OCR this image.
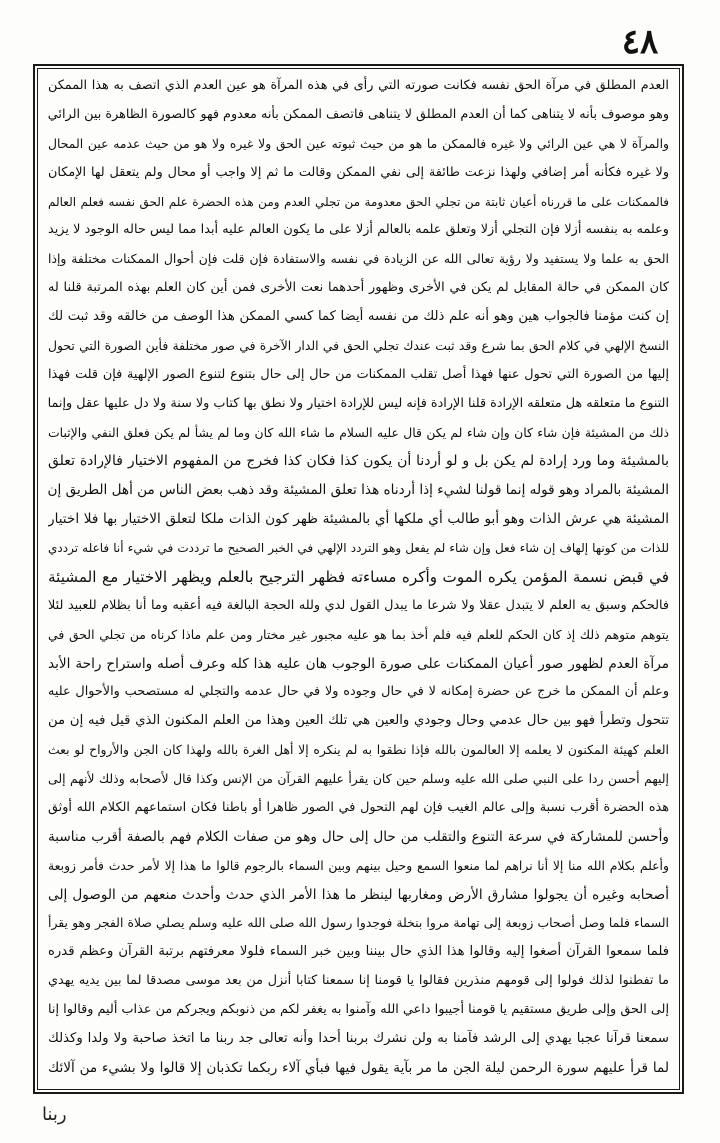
٤٨
العدم المطلق في مرآة الحق نفسه فكانت صورته التي رأى في هذه المرآة هو عين العدم الذي اتصف به هذا الممكن
وهو موصوف بأنه لا يتناهى كما أن العدم المطلق لا يتناهى فاتصف الممكن بأنه معدوم فهو كالصورة الظاهرة بين الرائي
والمرآة لا هي عين الرائي ولا غيره فالممكن ما هو من حيث ثبوته عين الحق ولا غيره ولا هو من حيث عدمه عين المحال
ولا غيره فكأنه أمر إضافي ولهذا نزعت طائفة إلى نفي الممكن وقالت ما ثم إلا واجب أو محال ولم يتعقل لها الإمكان
فالممكنات على ما قررناه أعيان ثابتة من تجلي الحق معدومة من تجلي العدم ومن هذه الحضرة علم الحق نفسه فعلم العالم
وعلمه به بنفسه أزلا فإن التجلي أزلا وتعلق علمه بالعالم أزلا على ما يكون العالم عليه أبدا مما ليس حاله الوجود لا يزيد
الحق به علما ولا يستفيد ولا رؤية تعالى الله عن الزيادة في نفسه والاستفادة فإن قلت فإن أحوال الممكنات مختلفة وإذا
كان الممكن في حالة المقابل لم يكن في الأخرى وظهور أحدهما نعت الأخرى فمن أين كان العلم بهذه المرتبة قلنا له
إن كنت مؤمنا فالجواب هين وهو أنه علم ذلك من نفسه أيضا كما كسي الممكن هذا الوصف من خالقه وقد ثبت لك
النسخ الإلهي في كلام الحق بما شرع وقد ثبت عندك تجلي الحق في الدار الآخرة في صور مختلفة فأين الصورة التي تحول
إليها من الصورة التي تحول عنها فهذا أصل تقلب الممكنات من حال إلى حال بتنوع لتنوع الصور الإلهية فإن قلت فهذا
التنوع ما متعلقه هل متعلقه الإرادة قلنا الإرادة فإنه ليس للإرادة اختيار ولا نطق بها كتاب ولا سنة ولا دل عليها عقل وإنما
ذلك من المشيئة فإن شاء كان وإن شاء لم يكن قال عليه السلام ما شاء الله كان وما لم يشأ لم يكن فعلق النفي والإثبات
بالمشيئة وما ورد إرادة لم يكن بل و لو أردنا أن يكون كذا فكان كذا فخرج من المفهوم الاختيار فالإرادة تعلق
المشيئة بالمراد وهو قوله إنما قولنا لشيء إذا أردناه هذا تعلق المشيئة وقد ذهب بعض الناس من أهل الطريق إن
المشيئة هي عرش الذات وهو أبو طالب أي ملكها أي بالمشيئة ظهر كون الذات ملكا لتعلق الاختيار بها فلا اختيار
للذات من كونها إلهاف إن شاء فعل وإن شاء لم يفعل وهو التردد الإلهي في الخبر الصحيح ما ترددت في شيء أنا فاعله ترددي
في قبض نسمة المؤمن يكره الموت وأكره مساءته فظهر الترجيح بالعلم ويظهر الاختيار مع المشيئة
فالحكم وسبق به العلم لا يتبدل عقلا ولا شرعا ما يبدل القول لدي ولله الحجة البالغة فيه أعقبه وما أنا بظلام للعبيد لئلا
يتوهم متوهم ذلك إذ كان الحكم للعلم فيه فلم أخذ بما هو عليه مجبور غير مختار ومن علم ماذا كرناه من تجلي الحق في
مرآة العدم لظهور صور أعيان الممكنات على صورة الوجوب هان عليه هذا كله وعرف أصله واستراح راحة الأبد
وعلم أن الممكن ما خرج عن حضرة إمكانه لا في حال وجوده ولا في حال عدمه والتجلي له مستصحب والأحوال عليه
تتحول وتطرأ فهو بين حال عدمي وحال وجودي والعين هي تلك العين وهذا من العلم المكنون الذي قيل فيه إن من
العلم كهيئة المكنون لا يعلمه إلا العالمون بالله فإذا نطقوا به لم ينكره إلا أهل الغرة بالله ولهذا كان الجن والأرواح لو بعث
إليهم أحسن ردا على النبي صلى الله عليه وسلم حين كان يقرأ عليهم القرآن من الإنس وكذا قال لأصحابه وذلك لأنهم إلى
هذه الحضرة أقرب نسبة وإلى عالم الغيب فإن لهم التحول في الصور ظاهرا أو باطنا فكان استماعهم الكلام الله أوثق
وأحسن للمشاركة في سرعة التنوع والتقلب من حال إلى حال وهو من صفات الكلام فهم بالصفة أقرب مناسبة
وأعلم بكلام الله منا إلا أنا نراهم لما منعوا السمع وحيل بينهم وبين السماء بالرجوم قالوا ما هذا إلا لأمر حدث فأمر زوبعة
أصحابه وغيره أن يجولوا مشارق الأرض ومغاربها لينظر ما هذا الأمر الذي حدث وأحدث منعهم من الوصول إلى
السماء فلما وصل أصحاب زوبعة إلى تهامة مروا بنخلة فوجدوا رسول الله صلى الله عليه وسلم يصلي صلاة الفجر وهو يقرأ
فلما سمعوا القرآن أصغوا إليه وقالوا هذا الذي حال بيننا وبين خبر السماء فلولا معرفتهم برتبة القرآن وعظم قدره
ما تفطنوا لذلك فولوا إلى قومهم منذرين فقالوا يا قومنا إنا سمعنا كتابا أنزل من بعد موسى مصدقا لما بين يديه يهدي
إلى الحق وإلى طريق مستقيم يا قومنا أجيبوا داعي الله وآمنوا به يغفر لكم من ذنوبكم ويجركم من عذاب أليم وقالوا إنا
سمعنا قرآنا عجبا يهدي إلى الرشد فآمنا به ولن نشرك بربنا أحدا وأنه تعالى جد ربنا ما اتخذ صاحبة ولا ولدا وكذلك
لما قرأ عليهم سورة الرحمن ليلة الجن ما مر بآية يقول فيها فبأي آلاء ربكما تكذبان إلا قالوا ولا بشيء من آلائك
ربنا
